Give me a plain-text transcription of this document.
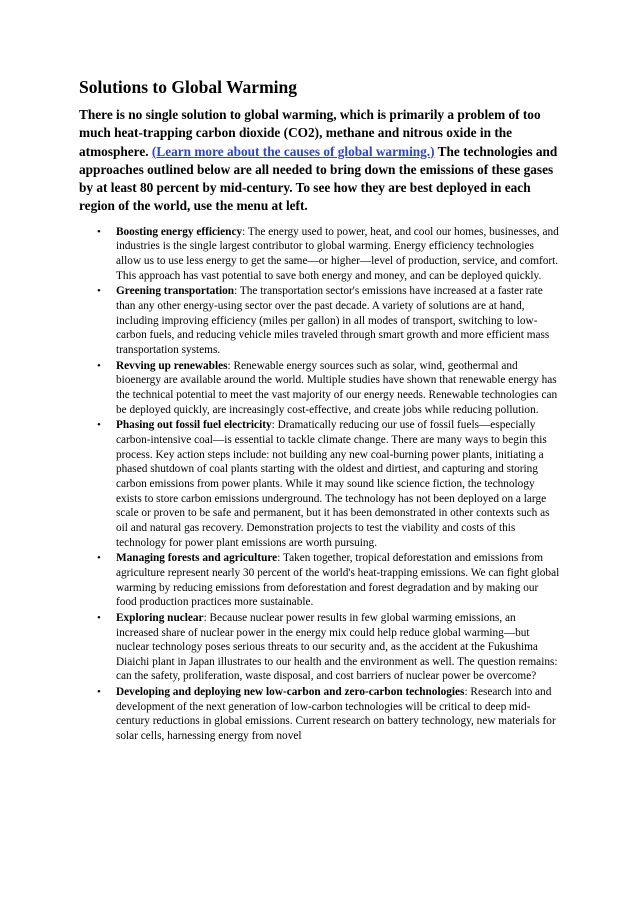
Solutions to Global Warming

There is no single solution to global warming, which is primarily a problem of too much heat-trapping carbon dioxide (CO2), methane and nitrous oxide in the atmosphere. (Learn more about the causes of global warming.) The technologies and approaches outlined below are all needed to bring down the emissions of these gases by at least 80 percent by mid-century. To see how they are best deployed in each region of the world, use the menu at left.

• Boosting energy efficiency: The energy used to power, heat, and cool our homes, businesses, and industries is the single largest contributor to global warming. Energy efficiency technologies allow us to use less energy to get the same—or higher—level of production, service, and comfort. This approach has vast potential to save both energy and money, and can be deployed quickly.
• Greening transportation: The transportation sector's emissions have increased at a faster rate than any other energy-using sector over the past decade. A variety of solutions are at hand, including improving efficiency (miles per gallon) in all modes of transport, switching to low-carbon fuels, and reducing vehicle miles traveled through smart growth and more efficient mass transportation systems.
• Revving up renewables: Renewable energy sources such as solar, wind, geothermal and bioenergy are available around the world. Multiple studies have shown that renewable energy has the technical potential to meet the vast majority of our energy needs. Renewable technologies can be deployed quickly, are increasingly cost-effective, and create jobs while reducing pollution.
• Phasing out fossil fuel electricity: Dramatically reducing our use of fossil fuels—especially carbon-intensive coal—is essential to tackle climate change. There are many ways to begin this process. Key action steps include: not building any new coal-burning power plants, initiating a phased shutdown of coal plants starting with the oldest and dirtiest, and capturing and storing carbon emissions from power plants. While it may sound like science fiction, the technology exists to store carbon emissions underground. The technology has not been deployed on a large scale or proven to be safe and permanent, but it has been demonstrated in other contexts such as oil and natural gas recovery. Demonstration projects to test the viability and costs of this technology for power plant emissions are worth pursuing.
• Managing forests and agriculture: Taken together, tropical deforestation and emissions from agriculture represent nearly 30 percent of the world's heat-trapping emissions. We can fight global warming by reducing emissions from deforestation and forest degradation and by making our food production practices more sustainable.
• Exploring nuclear: Because nuclear power results in few global warming emissions, an increased share of nuclear power in the energy mix could help reduce global warming—but nuclear technology poses serious threats to our security and, as the accident at the Fukushima Diaichi plant in Japan illustrates to our health and the environment as well. The question remains: can the safety, proliferation, waste disposal, and cost barriers of nuclear power be overcome?
• Developing and deploying new low-carbon and zero-carbon technologies: Research into and development of the next generation of low-carbon technologies will be critical to deep mid-century reductions in global emissions. Current research on battery technology, new materials for solar cells, harnessing energy from novel
